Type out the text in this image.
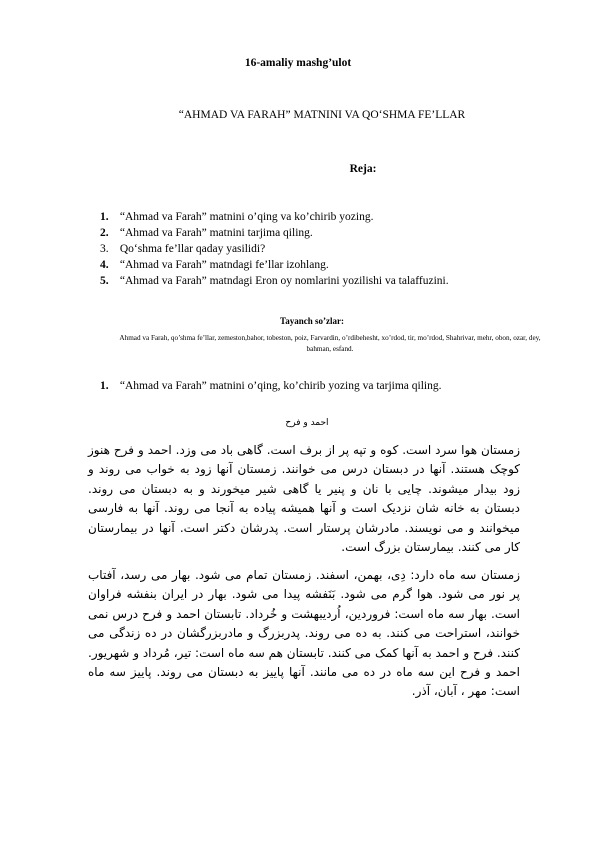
16-amaliy mashg’ulot
“AHMAD VA FARAH” MATNINI VA QO‘SHMA FE’LLAR
Reja:
1. “Ahmad va Farah” matnini o’qing va ko’chirib yozing.
2. “Ahmad va Farah” matnini tarjima qiling.
3. Qo‘shma fe’llar qaday yasilidi?
4. “Ahmad va Farah” matndagi fe’llar izohlang.
5. “Ahmad va Farah” matndagi Eron oy nomlarini yozilishi va talaffuzini.
Tayanch so’zlar:
Ahmad va Farah, qo’shma fe’llar, zemeston,bahor, tobeston, poiz, Farvardin, o’rdibehesht, xo’rdod, tir, mo’rdod, Shahrivar, mehr, obon, ozar, dey, bahman, esfand.
1. “Ahmad va Farah” matnini o’qing, ko’chirib yozing va tarjima qiling.
احمد و فرح
زمستان هوا سرد است. کوه و تپه پر از برف است. گاهی باد می وزد. احمد و فرح هنوز کوچک هستند. آنها در دبستان درس می خوانند. زمستان آنها زود به خواب می روند و زود بیدار میشوند. چایی با نان و پنیر یا گاهی شیر میخورند و به دبستان می روند. دبستان به خانه شان نزدیک است و آنها همیشه پیاده به آنجا می روند. آنها به فارسی میخوانند و می نویسند. مادرشان پرستار است. پدرشان دکتر است. آنها در بیمارستان کار می کنند. بیمارستان بزرگ است.
زمستان سه ماه دارد: دِی، بهمن، اسفند. زمستان تمام می شود. بهار می رسد، آفتاب پر نور می شود. هوا گرم می شود. بَنَفشه پیدا می شود. بهار در ایران بنفشه فراوان است. بهار سه ماه است: فروردین، اُردیبهشت و خُرداد. تابستان احمد و فرح درس نمی خوانند، استراحت می کنند. به ده می روند. پدربزرگ و مادربزرگشان در ده زندگی می کنند. فرح و احمد به آنها کمک می کنند. تابستان هم سه ماه است: تیر، مُرداد و شهریور. احمد و فرح این سه ماه در ده می مانند. آنها پاییز به دبستان می روند. پاییز سه ماه است: مهر ، آبان، آذر.
